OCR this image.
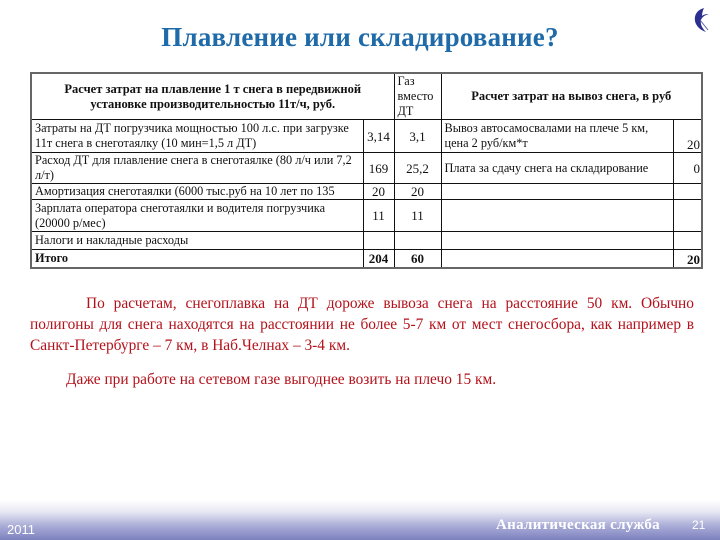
Плавление или складирование?
Расчет затрат на плавление 1 т снега в передвижной установке производительностью 11т/ч, руб.		Газ вместо ДТ	Расчет затрат на вывоз снега, в руб	
Затраты на ДТ погрузчика мощностью 100 л.с. при загрузке 11т снега в снеготаялку (10 мин=1,5 л ДТ)	3,14	3,1	Вывоз автосамосвалами на плече 5 км, цена 2 руб/км*т	20
Расход ДТ для плавление снега в снеготаялке (80 л/ч или 7,2 л/т)	169	25,2	Плата за сдачу снега на складирование	0
Амортизация снеготаялки (6000 тыс.руб на 10 лет по 135	20	20		
Зарплата оператора снеготаялки и водителя погрузчика (20000 р/мес)	11	11		
Налоги и накладные расходы				
Итого	204	60		20

По расчетам, снегоплавка на ДТ дороже вывоза снега на расстояние 50 км. Обычно полигоны для снега находятся на расстоянии не более 5-7 км от мест снегосбора, как например в Санкт-Петербурге – 7 км, в Наб.Челнах – 3-4 км.

Даже при работе на сетевом газе выгоднее возить на плечо 15 км.

2011	Аналитическая служба	21
